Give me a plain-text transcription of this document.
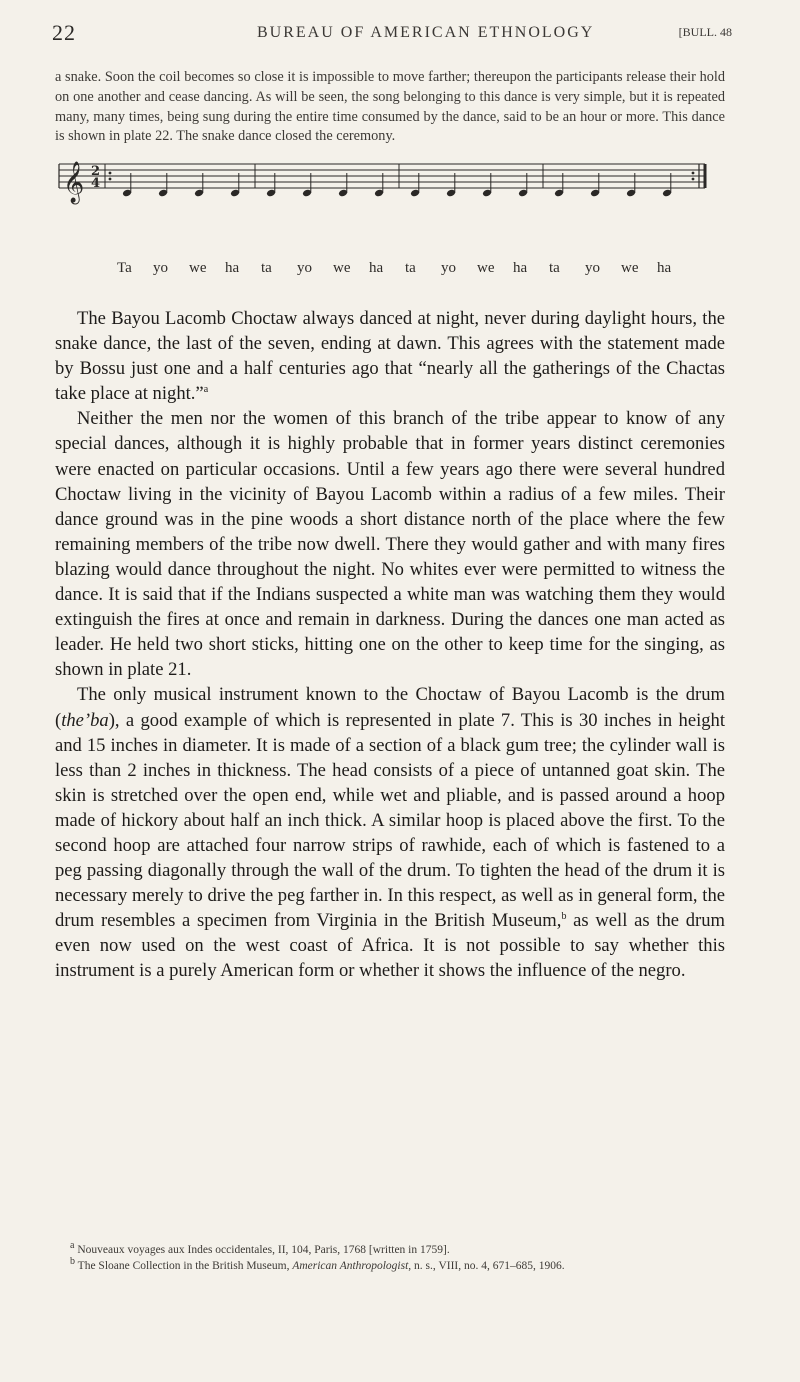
22	BUREAU OF AMERICAN ETHNOLOGY	[BULL. 48

a snake. Soon the coil becomes so close it is impossible to move farther; thereupon the participants release their hold on one another and cease dancing. As will be seen, the song belonging to this dance is very simple, but it is repeated many, many times, being sung during the entire time consumed by the dance, said to be an hour or more. This dance is shown in plate 22. The snake dance closed the ceremony.

𝄞 2
4
Ta yo we ha ta yo we ha ta yo we ha ta yo we ha

The Bayou Lacomb Choctaw always danced at night, never during daylight hours, the snake dance, the last of the seven, ending at dawn. This agrees with the statement made by Bossu just one and a half centuries ago that “nearly all the gatherings of the Chactas take place at night.”$^a$

Neither the men nor the women of this branch of the tribe appear to know of any special dances, although it is highly probable that in former years distinct ceremonies were enacted on particular occasions. Until a few years ago there were several hundred Choctaw living in the vicinity of Bayou Lacomb within a radius of a few miles. Their dance ground was in the pine woods a short distance north of the place where the few remaining members of the tribe now dwell. There they would gather and with many fires blazing would dance throughout the night. No whites ever were permitted to witness the dance. It is said that if the Indians suspected a white man was watching them they would extinguish the fires at once and remain in darkness. During the dances one man acted as leader. He held two short sticks, hitting one on the other to keep time for the singing, as shown in plate 21.

The only musical instrument known to the Choctaw of Bayou Lacomb is the drum (the’ba), a good example of which is represented in plate 7. This is 30 inches in height and 15 inches in diameter. It is made of a section of a black gum tree; the cylinder wall is less than 2 inches in thickness. The head consists of a piece of untanned goat skin. The skin is stretched over the open end, while wet and pliable, and is passed around a hoop made of hickory about half an inch thick. A similar hoop is placed above the first. To the second hoop are attached four narrow strips of rawhide, each of which is fastened to a peg passing diagonally through the wall of the drum. To tighten the head of the drum it is necessary merely to drive the peg farther in. In this respect, as well as in general form, the drum resembles a specimen from Virginia in the British Museum,$^b$ as well as the drum even now used on the west coast of Africa. It is not possible to say whether this instrument is a purely American form or whether it shows the influence of the negro.

$^a$ Nouveaux voyages aux Indes occidentales, II, 104, Paris, 1768 [written in 1759].
$^b$ The Sloane Collection in the British Museum, American Anthropologist, n. s., VIII, no. 4, 671–685, 1906.
